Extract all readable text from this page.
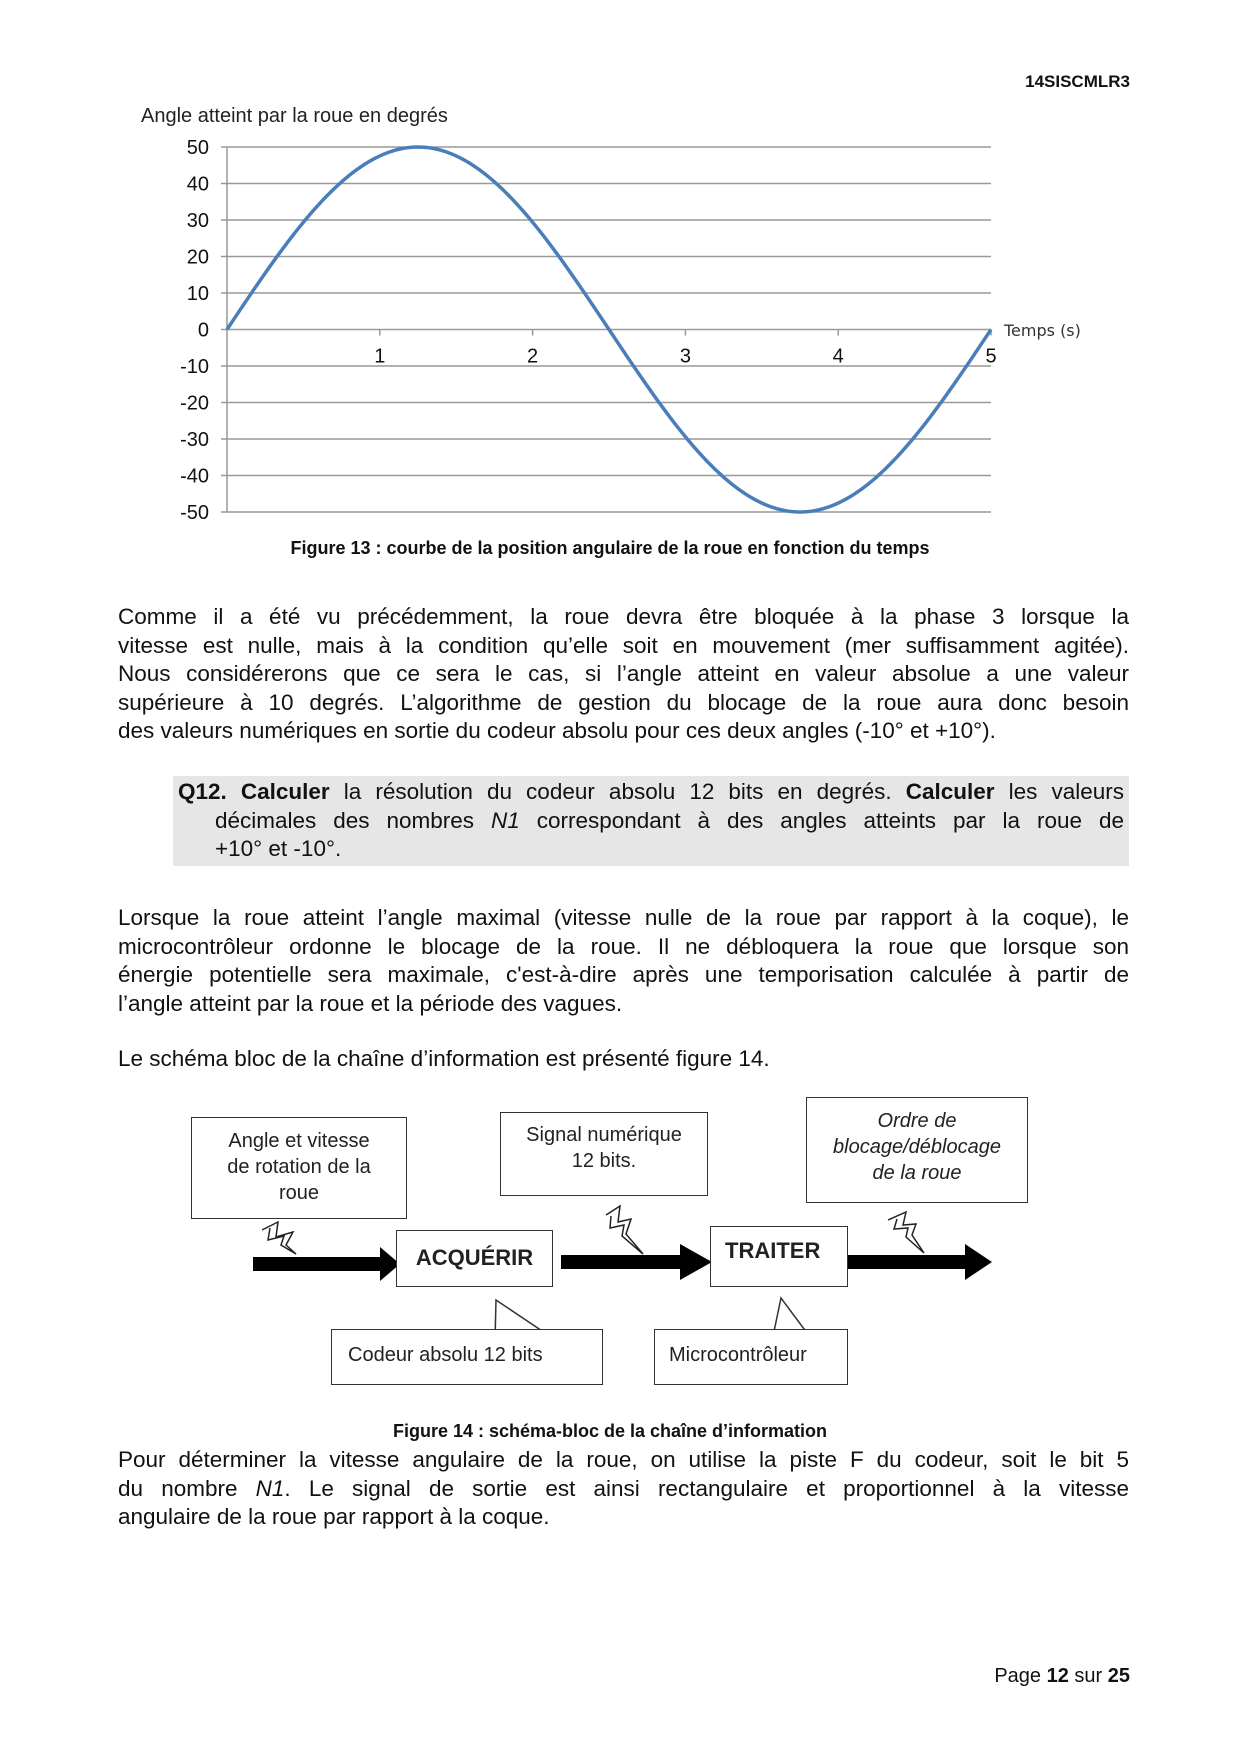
14SISCMLR3
Angle atteint par la roue en degrés
50
40
30
20
10
0
-10
-20
-30
-40
-50
1	2	3	4	5
Temps (s)
Figure 13 : courbe de la position angulaire de la roue en fonction du temps
Comme il a été vu précédemment, la roue devra être bloquée à la phase 3 lorsque la
vitesse est nulle, mais à la condition qu’elle soit en mouvement (mer suffisamment agitée).
Nous considérerons que ce sera le cas, si l’angle atteint en valeur absolue a une valeur
supérieure à 10 degrés. L’algorithme de gestion du blocage de la roue aura donc besoin
des valeurs numériques en sortie du codeur absolu pour ces deux angles (-10° et +10°).
Q12. Calculer la résolution du codeur absolu 12 bits en degrés. Calculer les valeurs
décimales des nombres N1 correspondant à des angles atteints par la roue de
+10° et -10°.
Lorsque la roue atteint l’angle maximal (vitesse nulle de la roue par rapport à la coque), le
microcontrôleur ordonne le blocage de la roue. Il ne débloquera la roue que lorsque son
énergie potentielle sera maximale, c'est-à-dire après une temporisation calculée à partir de
l’angle atteint par la roue et la période des vagues.
Le schéma bloc de la chaîne d’information est présenté figure 14.
Angle et vitesse
de rotation de la
roue
Signal numérique
12 bits.
Ordre de
blocage/déblocage
de la roue
ACQUÉRIR	TRAITER
Codeur absolu 12 bits	Microcontrôleur
Figure 14 : schéma-bloc de la chaîne d’information
Pour déterminer la vitesse angulaire de la roue, on utilise la piste F du codeur, soit le bit 5
du nombre N1. Le signal de sortie est ainsi rectangulaire et proportionnel à la vitesse
angulaire de la roue par rapport à la coque.
Page 12 sur 25
